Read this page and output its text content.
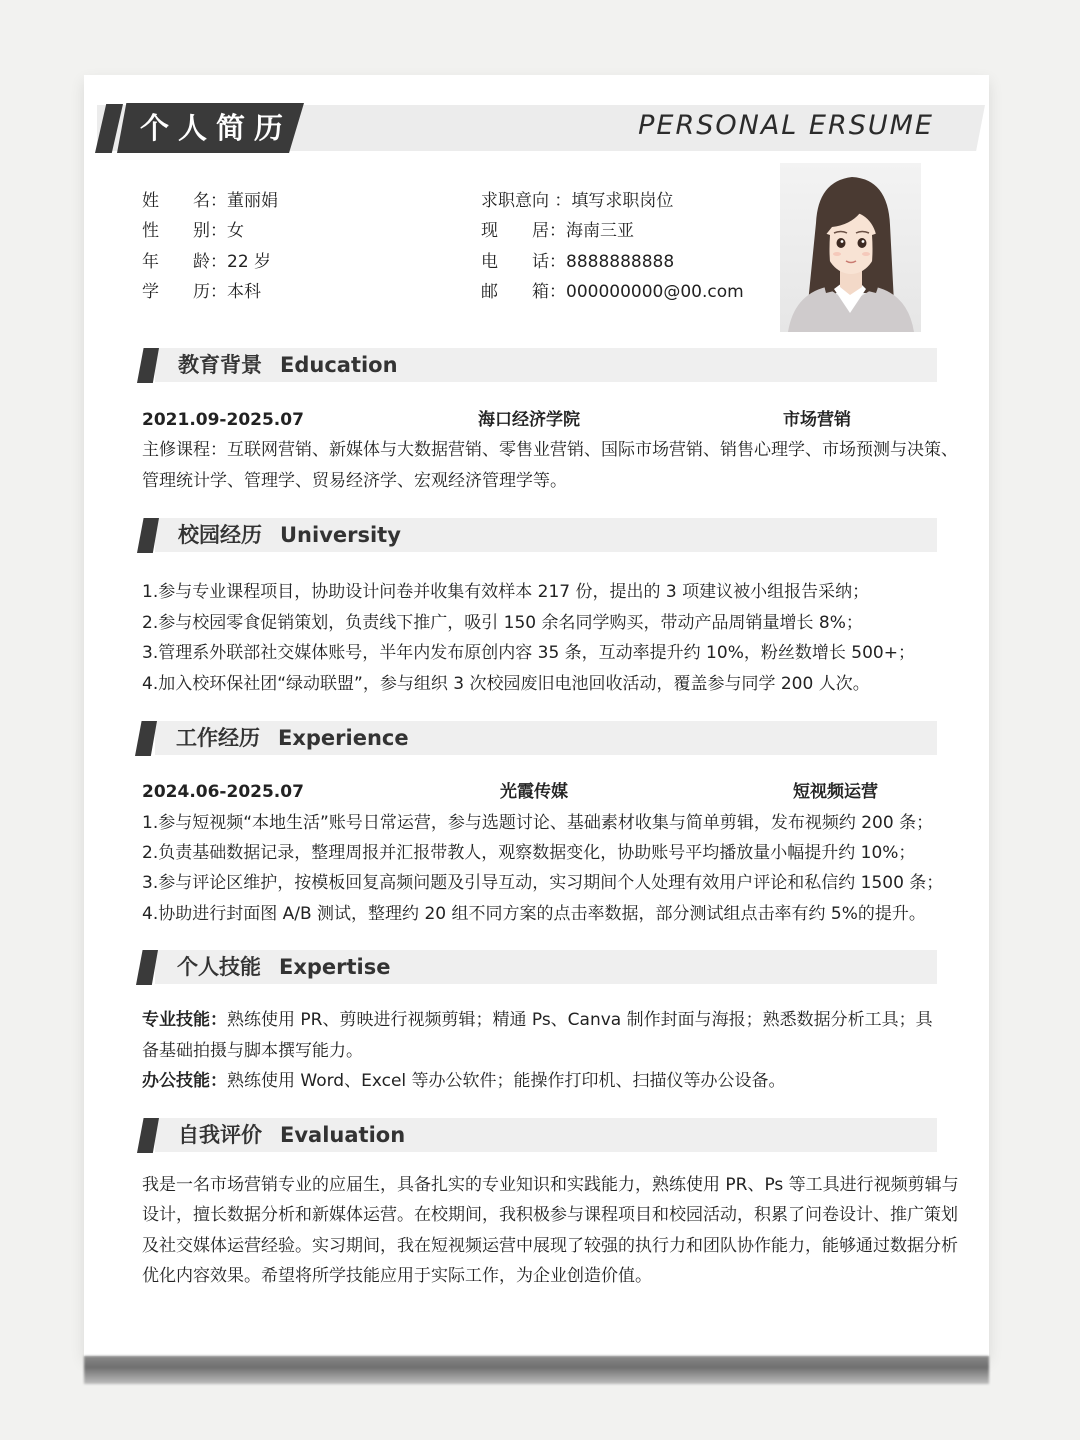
个人简历	PERSONAL ERSUME
姓　　名：董丽娟
性　　别：女
年　　龄：22 岁
学　　历：本科
求职意向 ：填写求职岗位
现　　居：海南三亚
电　　话：8888888888
邮　　箱：000000000@00.com
教育背景 Education
2021.09-2025.07	海口经济学院	市场营销
主修课程：互联网营销、新媒体与大数据营销、零售业营销、国际市场营销、销售心理学、市场预测与决策、
管理统计学、管理学、贸易经济学、宏观经济管理学等。
校园经历 University
1.参与专业课程项目，协助设计问卷并收集有效样本 217 份，提出的 3 项建议被小组报告采纳；
2.参与校园零食促销策划，负责线下推广，吸引 150 余名同学购买，带动产品周销量增长 8%；
3.管理系外联部社交媒体账号，半年内发布原创内容 35 条，互动率提升约 10%，粉丝数增长 500+；
4.加入校环保社团“绿动联盟”，参与组织 3 次校园废旧电池回收活动，覆盖参与同学 200 人次。
工作经历 Experience
2024.06-2025.07	光霞传媒	短视频运营
1.参与短视频“本地生活”账号日常运营，参与选题讨论、基础素材收集与简单剪辑，发布视频约 200 条；
2.负责基础数据记录，整理周报并汇报带教人，观察数据变化，协助账号平均播放量小幅提升约 10%；
3.参与评论区维护，按模板回复高频问题及引导互动，实习期间个人处理有效用户评论和私信约 1500 条；
4.协助进行封面图 A/B 测试，整理约 20 组不同方案的点击率数据，部分测试组点击率有约 5%的提升。
个人技能 Expertise
专业技能：熟练使用 PR、剪映进行视频剪辑；精通 Ps、Canva 制作封面与海报；熟悉数据分析工具；具
备基础拍摄与脚本撰写能力。
办公技能：熟练使用 Word、Excel 等办公软件；能操作打印机、扫描仪等办公设备。
自我评价 Evaluation
我是一名市场营销专业的应届生，具备扎实的专业知识和实践能力，熟练使用 PR、Ps 等工具进行视频剪辑与
设计，擅长数据分析和新媒体运营。在校期间，我积极参与课程项目和校园活动，积累了问卷设计、推广策划
及社交媒体运营经验。实习期间，我在短视频运营中展现了较强的执行力和团队协作能力，能够通过数据分析
优化内容效果。希望将所学技能应用于实际工作，为企业创造价值。
